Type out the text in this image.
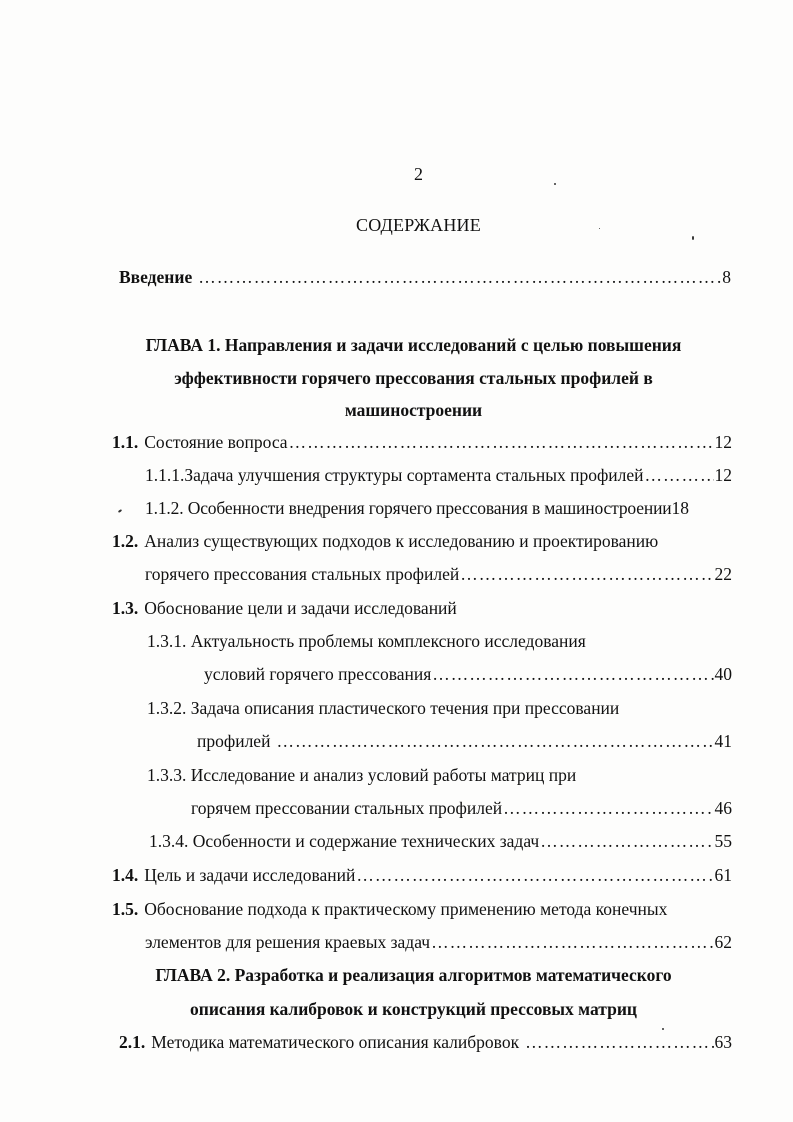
2
СОДЕРЖАНИЕ
Введение …………………………………………………………………………………………………………………………………………	8
ГЛАВА 1. Направления и задачи исследований с целью повышения
эффективности горячего прессования стальных профилей в
машиностроении
1.1. Состояние вопроса …………………………………………………………………………………………………………………………………………	12
1.1.1.Задача улучшения структуры сортамента стальных профилей …………………………………………………………………………………………………………………………………………	12
1.1.2. Особенности внедрения горячего прессования в машиностроении 18
1.2. Анализ существующих подходов к исследованию и проектированию
горячего прессования стальных профилей …………………………………………………………………………………………………………………………………………	22
1.3. Обоснование цели и задачи исследований
1.3.1. Актуальность проблемы комплексного исследования
условий горячего прессования …………………………………………………………………………………………………………………………………………	40
1.3.2. Задача описания пластического течения при прессовании
профилей …………………………………………………………………………………………………………………………………………	41
1.3.3. Исследование и анализ условий работы матриц при
горячем прессовании стальных профилей …………………………………………………………………………………………………………………………………………	46
1.3.4. Особенности и содержание технических задач …………………………………………………………………………………………………………………………………………	55
1.4. Цель и задачи исследований …………………………………………………………………………………………………………………………………………	61
1.5. Обоснование подхода к практическому применению метода конечных
элементов для решения краевых задач …………………………………………………………………………………………………………………………………………	62
ГЛАВА 2. Разработка и реализация алгоритмов математического
описания калибровок и конструкций прессовых матриц
2.1. Методика математического описания калибровок …………………………………………………………………………………………………………………………………………	63
